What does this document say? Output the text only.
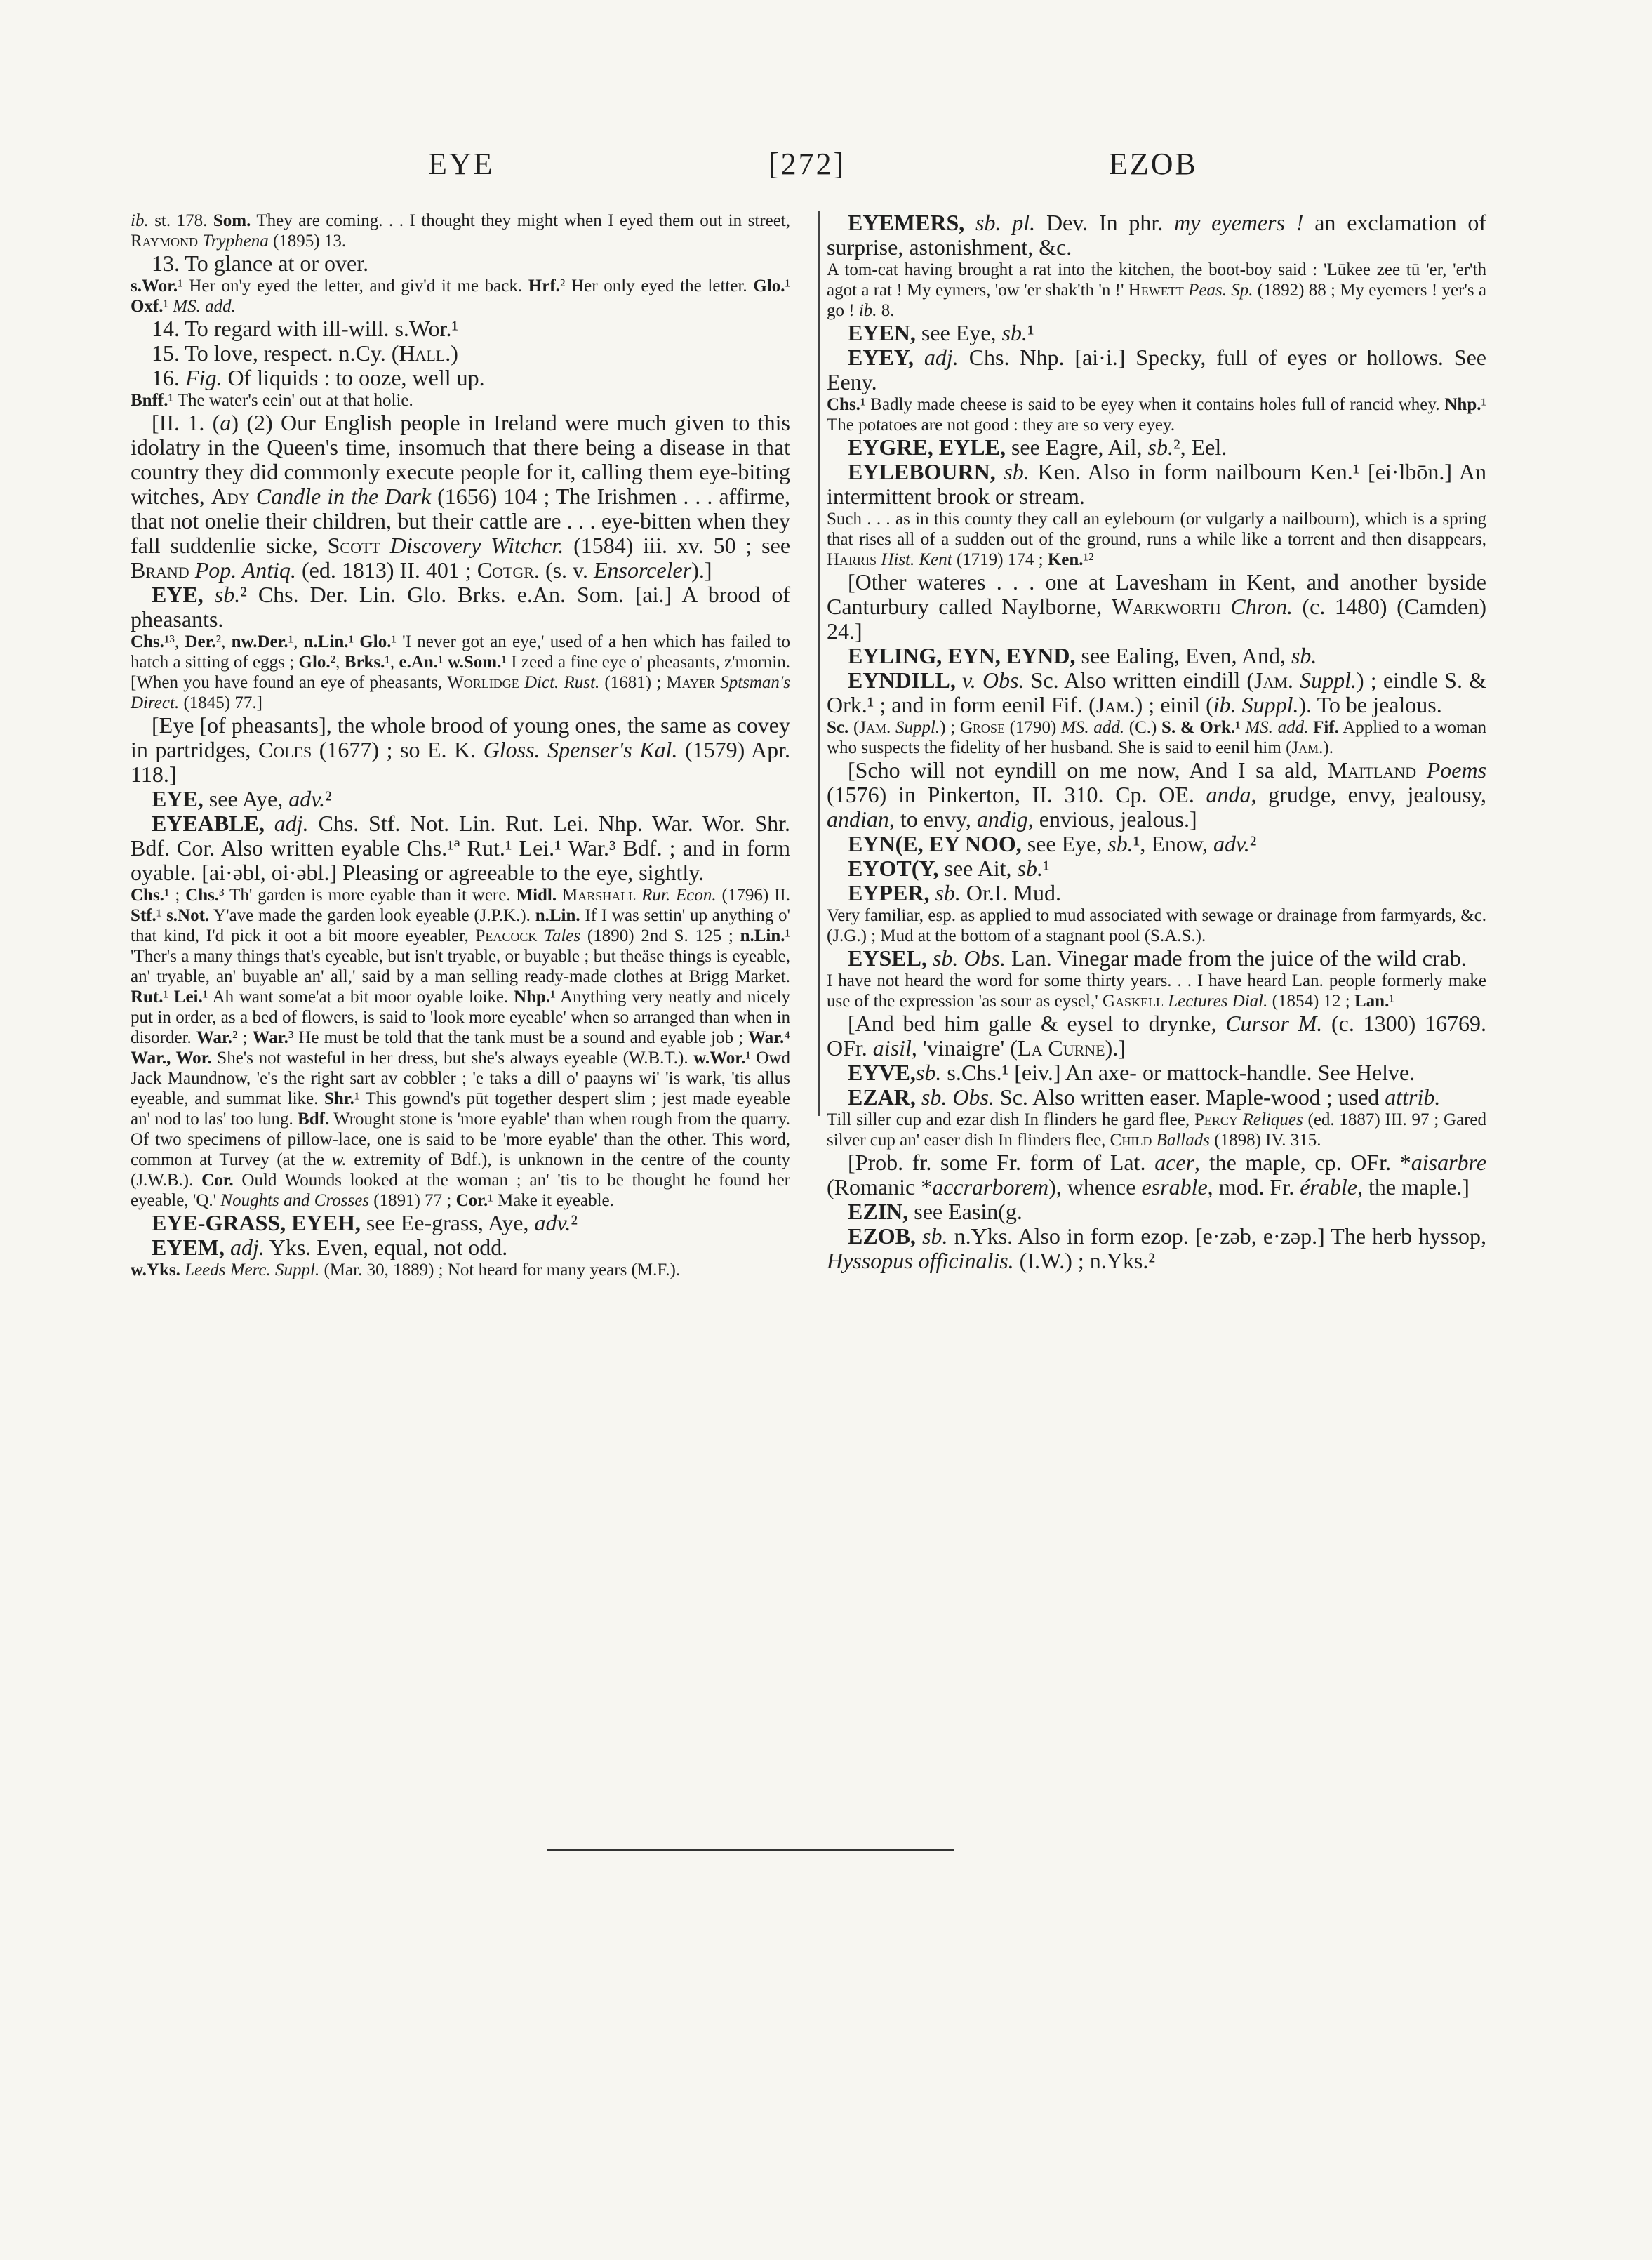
EYE	[272]	EZOB

ib. st. 178. Som. They are coming. . . I thought they might when I eyed them out in street, Raymond Tryphena (1895) 13.

13. To glance at or over.

s.Wor.¹ Her on'y eyed the letter, and giv'd it me back. Hrf.² Her only eyed the letter. Glo.¹ Oxf.¹ MS. add.

14. To regard with ill-will. s.Wor.¹

15. To love, respect. n.Cy. (Hall.)

16. Fig. Of liquids : to ooze, well up.

Bnff.¹ The water's eein' out at that holie.

[II. 1. (a) (2) Our English people in Ireland were much given to this idolatry in the Queen's time, insomuch that there being a disease in that country they did commonly execute people for it, calling them eye-biting witches, Ady Candle in the Dark (1656) 104 ; The Irishmen . . . affirme, that not onelie their children, but their cattle are . . . eye-bitten when they fall suddenlie sicke, Scott Discovery Witchcr. (1584) iii. xv. 50 ; see Brand Pop. Antiq. (ed. 1813) II. 401 ; Cotgr. (s. v. Ensorceler).]

EYE, sb.² Chs. Der. Lin. Glo. Brks. e.An. Som. [ai.] A brood of pheasants.

Chs.¹³, Der.², nw.Der.¹, n.Lin.¹ Glo.¹ 'I never got an eye,' used of a hen which has failed to hatch a sitting of eggs ; Glo.², Brks.¹, e.An.¹ w.Som.¹ I zeed a fine eye o' pheasants, z'mornin. [When you have found an eye of pheasants, Worlidge Dict. Rust. (1681) ; Mayer Sptsman's Direct. (1845) 77.]

[Eye [of pheasants], the whole brood of young ones, the same as covey in partridges, Coles (1677) ; so E. K. Gloss. Spenser's Kal. (1579) Apr. 118.]

EYE, see Aye, adv.²

EYEABLE, adj. Chs. Stf. Not. Lin. Rut. Lei. Nhp. War. Wor. Shr. Bdf. Cor. Also written eyable Chs.¹ª Rut.¹ Lei.¹ War.³ Bdf. ; and in form oyable. [ai·əbl, oi·əbl.] Pleasing or agreeable to the eye, sightly.

Chs.¹ ; Chs.³ Th' garden is more eyable than it were. Midl. Marshall Rur. Econ. (1796) II. Stf.¹ s.Not. Y'ave made the garden look eyeable (J.P.K.). n.Lin. If I was settin' up anything o' that kind, I'd pick it oot a bit moore eyeabler, Peacock Tales (1890) 2nd S. 125 ; n.Lin.¹ 'Ther's a many things that's eyeable, but isn't tryable, or buyable ; but theäse things is eyeable, an' tryable, an' buyable an' all,' said by a man selling ready-made clothes at Brigg Market. Rut.¹ Lei.¹ Ah want some'at a bit moor oyable loike. Nhp.¹ Anything very neatly and nicely put in order, as a bed of flowers, is said to 'look more eyeable' when so arranged than when in disorder. War.² ; War.³ He must be told that the tank must be a sound and eyable job ; War.⁴ War., Wor. She's not wasteful in her dress, but she's always eyeable (W.B.T.). w.Wor.¹ Owd Jack Maundnow, 'e's the right sart av cobbler ; 'e taks a dill o' paayns wi' 'is wark, 'tis allus eyeable, and summat like. Shr.¹ This gownd's pūt together despert slim ; jest made eyeable an' nod to las' too lung. Bdf. Wrought stone is 'more eyable' than when rough from the quarry. Of two specimens of pillow-lace, one is said to be 'more eyable' than the other. This word, common at Turvey (at the w. extremity of Bdf.), is unknown in the centre of the county (J.W.B.). Cor. Ould Wounds looked at the woman ; an' 'tis to be thought he found her eyeable, 'Q.' Noughts and Crosses (1891) 77 ; Cor.¹ Make it eyeable.

EYE-GRASS, EYEH, see Ee-grass, Aye, adv.²

EYEM, adj. Yks. Even, equal, not odd.

w.Yks. Leeds Merc. Suppl. (Mar. 30, 1889) ; Not heard for many years (M.F.).

EYEMERS, sb. pl. Dev. In phr. my eyemers ! an exclamation of surprise, astonishment, &c.

A tom-cat having brought a rat into the kitchen, the boot-boy said : 'Lūkee zee tū 'er, 'er'th agot a rat ! My eymers, 'ow 'er shak'th 'n !' Hewett Peas. Sp. (1892) 88 ; My eyemers ! yer's a go ! ib. 8.

EYEN, see Eye, sb.¹

EYEY, adj. Chs. Nhp. [ai·i.] Specky, full of eyes or hollows. See Eeny.

Chs.¹ Badly made cheese is said to be eyey when it contains holes full of rancid whey. Nhp.¹ The potatoes are not good : they are so very eyey.

EYGRE, EYLE, see Eagre, Ail, sb.², Eel.

EYLEBOURN, sb. Ken. Also in form nailbourn Ken.¹ [ei·lbōn.] An intermittent brook or stream.

Such . . . as in this county they call an eylebourn (or vulgarly a nailbourn), which is a spring that rises all of a sudden out of the ground, runs a while like a torrent and then disappears, Harris Hist. Kent (1719) 174 ; Ken.¹²

[Other wateres . . . one at Lavesham in Kent, and another byside Canturbury called Naylborne, Warkworth Chron. (c. 1480) (Camden) 24.]

EYLING, EYN, EYND, see Ealing, Even, And, sb.

EYNDILL, v. Obs. Sc. Also written eindill (Jam. Suppl.) ; eindle S. & Ork.¹ ; and in form eenil Fif. (Jam.) ; einil (ib. Suppl.). To be jealous.

Sc. (Jam. Suppl.) ; Grose (1790) MS. add. (C.) S. & Ork.¹ MS. add. Fif. Applied to a woman who suspects the fidelity of her husband. She is said to eenil him (Jam.).

[Scho will not eyndill on me now, And I sa ald, Maitland Poems (1576) in Pinkerton, II. 310. Cp. OE. anda, grudge, envy, jealousy, andian, to envy, andig, envious, jealous.]

EYN(E, EY NOO, see Eye, sb.¹, Enow, adv.²

EYOT(Y, see Ait, sb.¹

EYPER, sb. Or.I. Mud.

Very familiar, esp. as applied to mud associated with sewage or drainage from farmyards, &c. (J.G.) ; Mud at the bottom of a stagnant pool (S.A.S.).

EYSEL, sb. Obs. Lan. Vinegar made from the juice of the wild crab.

I have not heard the word for some thirty years. . . I have heard Lan. people formerly make use of the expression 'as sour as eysel,' Gaskell Lectures Dial. (1854) 12 ; Lan.¹

[And bed him galle & eysel to drynke, Cursor M. (c. 1300) 16769. OFr. aisil, 'vinaigre' (La Curne).]

EYVE,sb. s.Chs.¹ [eiv.] An axe- or mattock-handle. See Helve.

EZAR, sb. Obs. Sc. Also written easer. Maple-wood ; used attrib.

Till siller cup and ezar dish In flinders he gard flee, Percy Reliques (ed. 1887) III. 97 ; Gared silver cup an' easer dish In flinders flee, Child Ballads (1898) IV. 315.

[Prob. fr. some Fr. form of Lat. acer, the maple, cp. OFr. *aisarbre (Romanic *accrarborem), whence esrable, mod. Fr. érable, the maple.]

EZIN, see Easin(g.

EZOB, sb. n.Yks. Also in form ezop. [e·zəb, e·zəp.] The herb hyssop, Hyssopus officinalis. (I.W.) ; n.Yks.²
